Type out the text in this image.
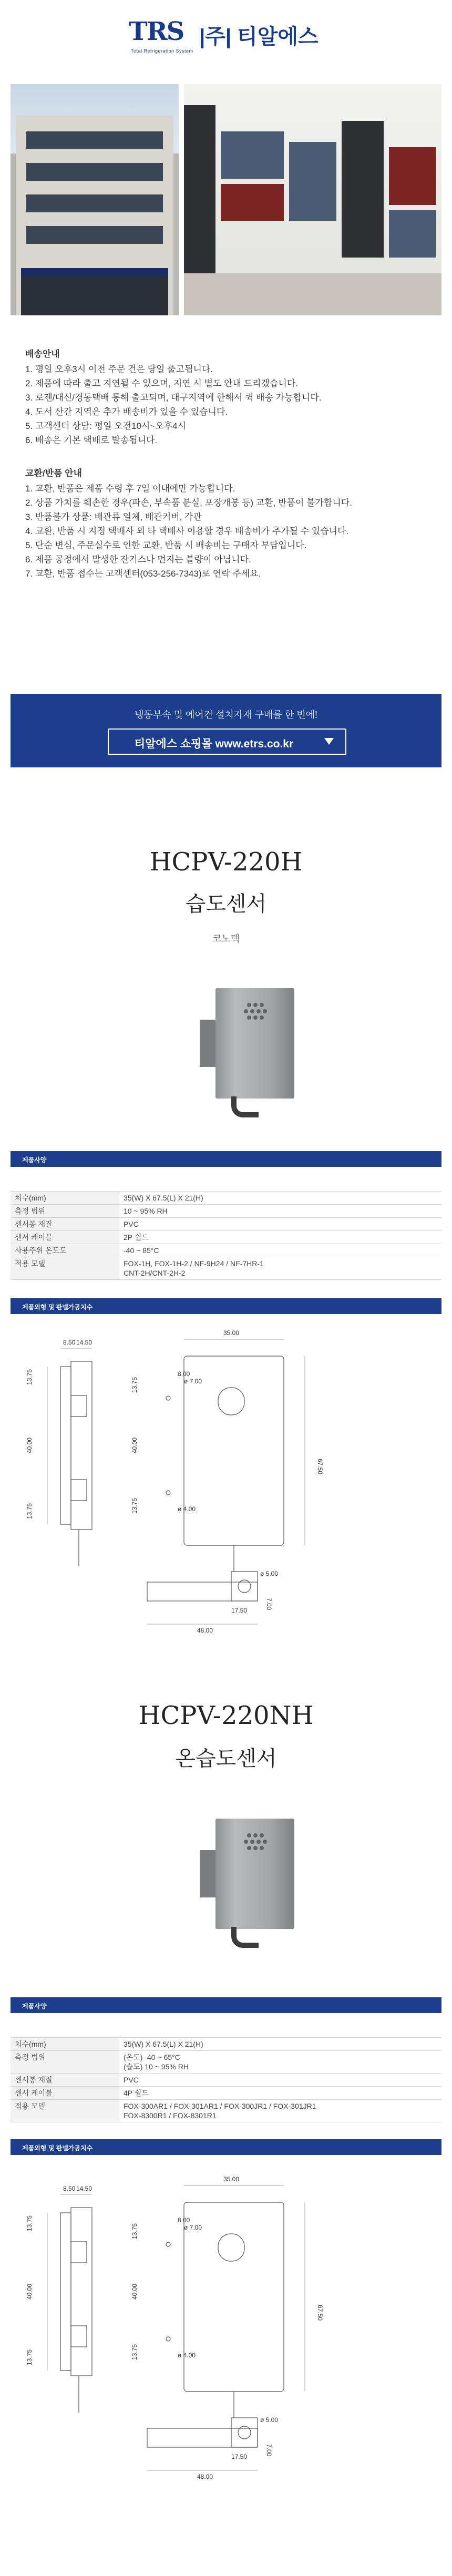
TRS
Total Refrigeration System
|주| 티알에스
배송안내
1. 평일 오후3시 이전 주문 건은 당일 출고됩니다.
2. 제품에 따라 출고 지연될 수 있으며, 지연 시 별도 안내 드리겠습니다.
3. 로젠/대신/경동택배 통해 출고되며, 대구지역에 한해서 퀵 배송 가능합니다.
4. 도서 산간 지역은 추가 배송비가 있을 수 있습니다.
5. 고객센터 상담: 평일 오전10시~오후4시
6. 배송은 기본 택배로 발송됩니다.
교환/반품 안내
1. 교환, 반품은 제품 수령 후 7일 이내에만 가능합니다.
2. 상품 가치를 훼손한 경우(파손, 부속품 분실, 포장개봉 등) 교환, 반품이 불가합니다.
3. 반품불가 상품: 배관류 일체, 배관커버, 각관
4. 교환, 반품 시 지정 택배사 외 타 택배사 이용할 경우 배송비가 추가될 수 있습니다.
5. 단순 변심, 주문실수로 인한 교환, 반품 시 배송비는 구매자 부담입니다.
6. 제품 공정에서 발생한 잔기스나 먼지는 불량이 아닙니다.
7. 교환, 반품 접수는 고객센터(053-256-7343)로 연락 주세요.
냉동부속 및 에어컨 설치자재 구매를 한 번에!
티알에스 쇼핑몰 www.etrs.co.kr
HCPV-220H
습도센서
코노텍
제품사양
치수(mm)	35(W) X 67.5(L) X 21(H)
측정 범위	10 ~ 95% RH
센서봉 재질	PVC
센서 케이블	2P 쉴드
사용주위 온도도	-40 ~ 85°C
적용 모델	FOX-1H, FOX-1H-2 / NF-9H24 / NF-7HR-1
CNT-2H/CNT-2H-2
제품외형 및 판넬가공치수
8.50 14.50
13.75
40.00
13.75
35.00
67.50
ø 7.00
ø 4.00
8.00
13.75
40.00
13.75
ø 5.00
7.00
17.50
48.00
HCPV-220NH
온습도센서
제품사양
치수(mm)	35(W) X 67.5(L) X 21(H)
측정 범위	(온도) -40 ~ 65°C
(습도) 10 ~ 95% RH
센서봉 재질	PVC
센서 케이블	4P 쉴드
적용 모델	FOX-300AR1 / FOX-301AR1 / FOX-300JR1 / FOX-301JR1
FOX-8300R1 / FOX-8301R1
제품외형 및 판넬가공치수
8.50 14.50
13.75
40.00
13.75
35.00
67.50
ø 7.00
ø 4.00
8.00
13.75
40.00
13.75
ø 5.00
7.00
17.50
48.00
